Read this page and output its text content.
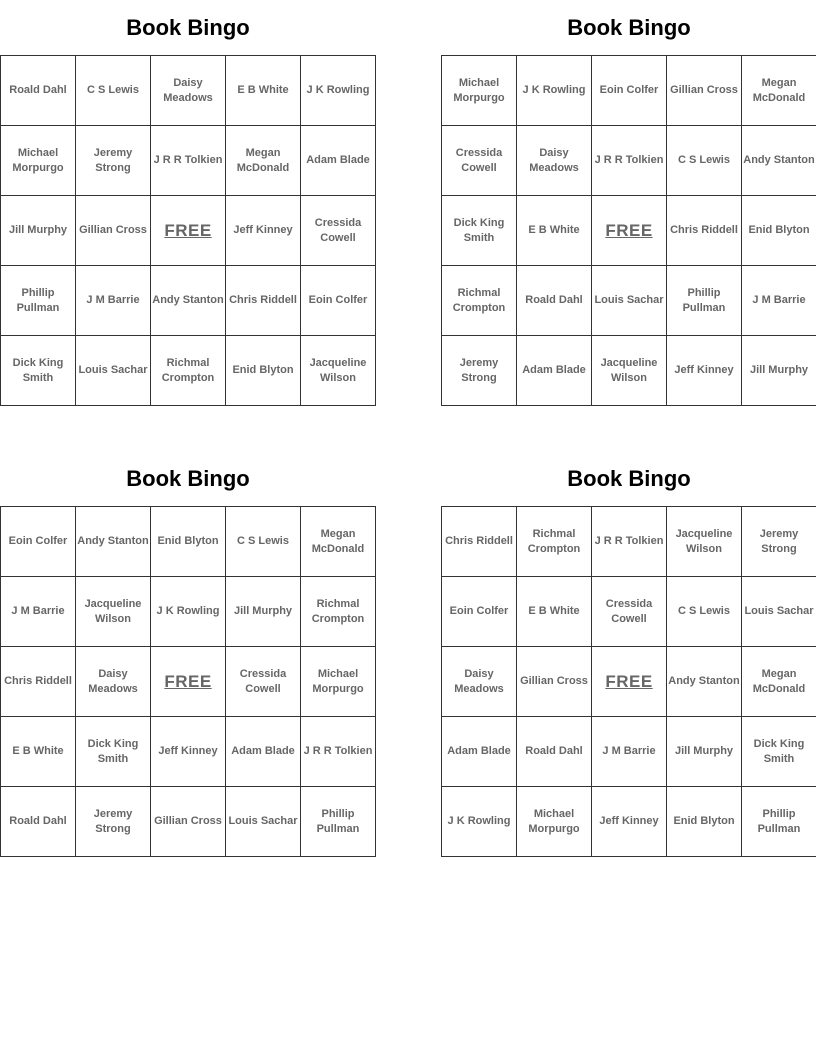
Book Bingo
Roald Dahl	C S Lewis	Daisy Meadows	E B White	J K Rowling
Michael Morpurgo	Jeremy Strong	J R R Tolkien	Megan McDonald	Adam Blade
Jill Murphy	Gillian Cross	FREE	Jeff Kinney	Cressida Cowell
Phillip Pullman	J M Barrie	Andy Stanton	Chris Riddell	Eoin Colfer
Dick King Smith	Louis Sachar	Richmal Crompton	Enid Blyton	Jacqueline Wilson
Book Bingo
Michael Morpurgo	J K Rowling	Eoin Colfer	Gillian Cross	Megan McDonald
Cressida Cowell	Daisy Meadows	J R R Tolkien	C S Lewis	Andy Stanton
Dick King Smith	E B White	FREE	Chris Riddell	Enid Blyton
Richmal Crompton	Roald Dahl	Louis Sachar	Phillip Pullman	J M Barrie
Jeremy Strong	Adam Blade	Jacqueline Wilson	Jeff Kinney	Jill Murphy
Book Bingo
Eoin Colfer	Andy Stanton	Enid Blyton	C S Lewis	Megan McDonald
J M Barrie	Jacqueline Wilson	J K Rowling	Jill Murphy	Richmal Crompton
Chris Riddell	Daisy Meadows	FREE	Cressida Cowell	Michael Morpurgo
E B White	Dick King Smith	Jeff Kinney	Adam Blade	J R R Tolkien
Roald Dahl	Jeremy Strong	Gillian Cross	Louis Sachar	Phillip Pullman
Book Bingo
Chris Riddell	Richmal Crompton	J R R Tolkien	Jacqueline Wilson	Jeremy Strong
Eoin Colfer	E B White	Cressida Cowell	C S Lewis	Louis Sachar
Daisy Meadows	Gillian Cross	FREE	Andy Stanton	Megan McDonald
Adam Blade	Roald Dahl	J M Barrie	Jill Murphy	Dick King Smith
J K Rowling	Michael Morpurgo	Jeff Kinney	Enid Blyton	Phillip Pullman
